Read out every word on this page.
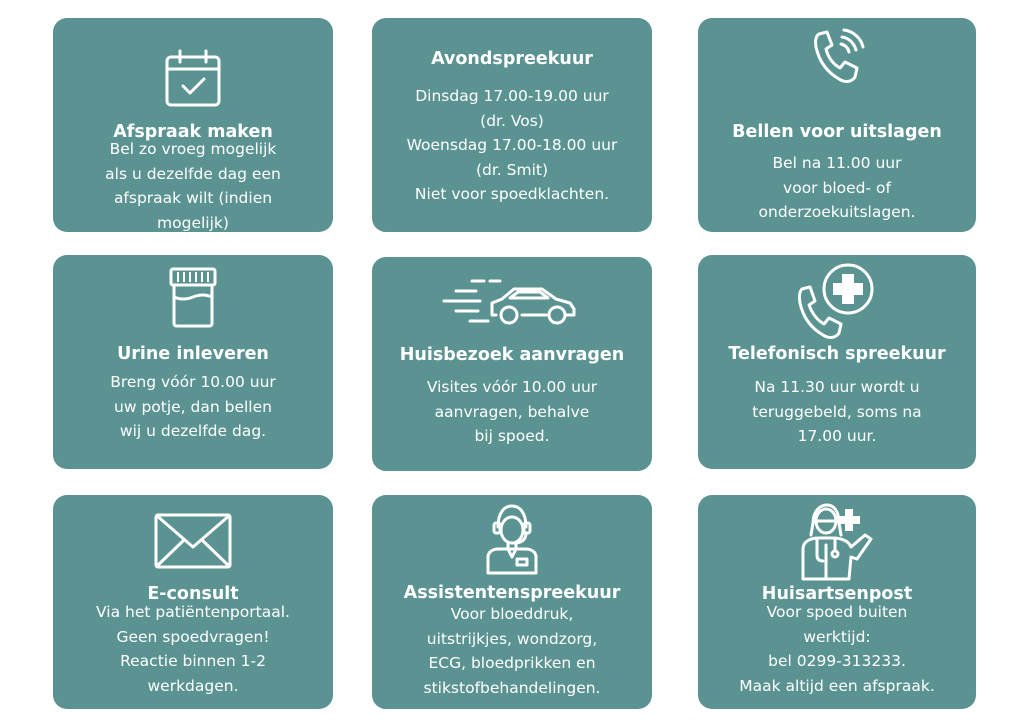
Afspraak maken
Bel zo vroeg mogelijk
als u dezelfde dag een
afspraak wilt (indien
mogelijk)
Avondspreekuur
Dinsdag 17.00-19.00 uur
(dr. Vos)
Woensdag 17.00-18.00 uur
(dr. Smit)
Niet voor spoedklachten.
Bellen voor uitslagen
Bel na 11.00 uur
voor bloed- of
onderzoekuitslagen.
Urine inleveren
Breng vóór 10.00 uur
uw potje, dan bellen
wij u dezelfde dag.
Huisbezoek aanvragen
Visites vóór 10.00 uur
aanvragen, behalve
bij spoed.
Telefonisch spreekuur
Na 11.30 uur wordt u
teruggebeld, soms na
17.00 uur.
E-consult
Via het patiëntenportaal.
Geen spoedvragen!
Reactie binnen 1-2
werkdagen.
Assistentenspreekuur
Voor bloeddruk,
uitstrijkjes, wondzorg,
ECG, bloedprikken en
stikstofbehandelingen.
Huisartsenpost
Voor spoed buiten
werktijd:
bel 0299-313233.
Maak altijd een afspraak.
